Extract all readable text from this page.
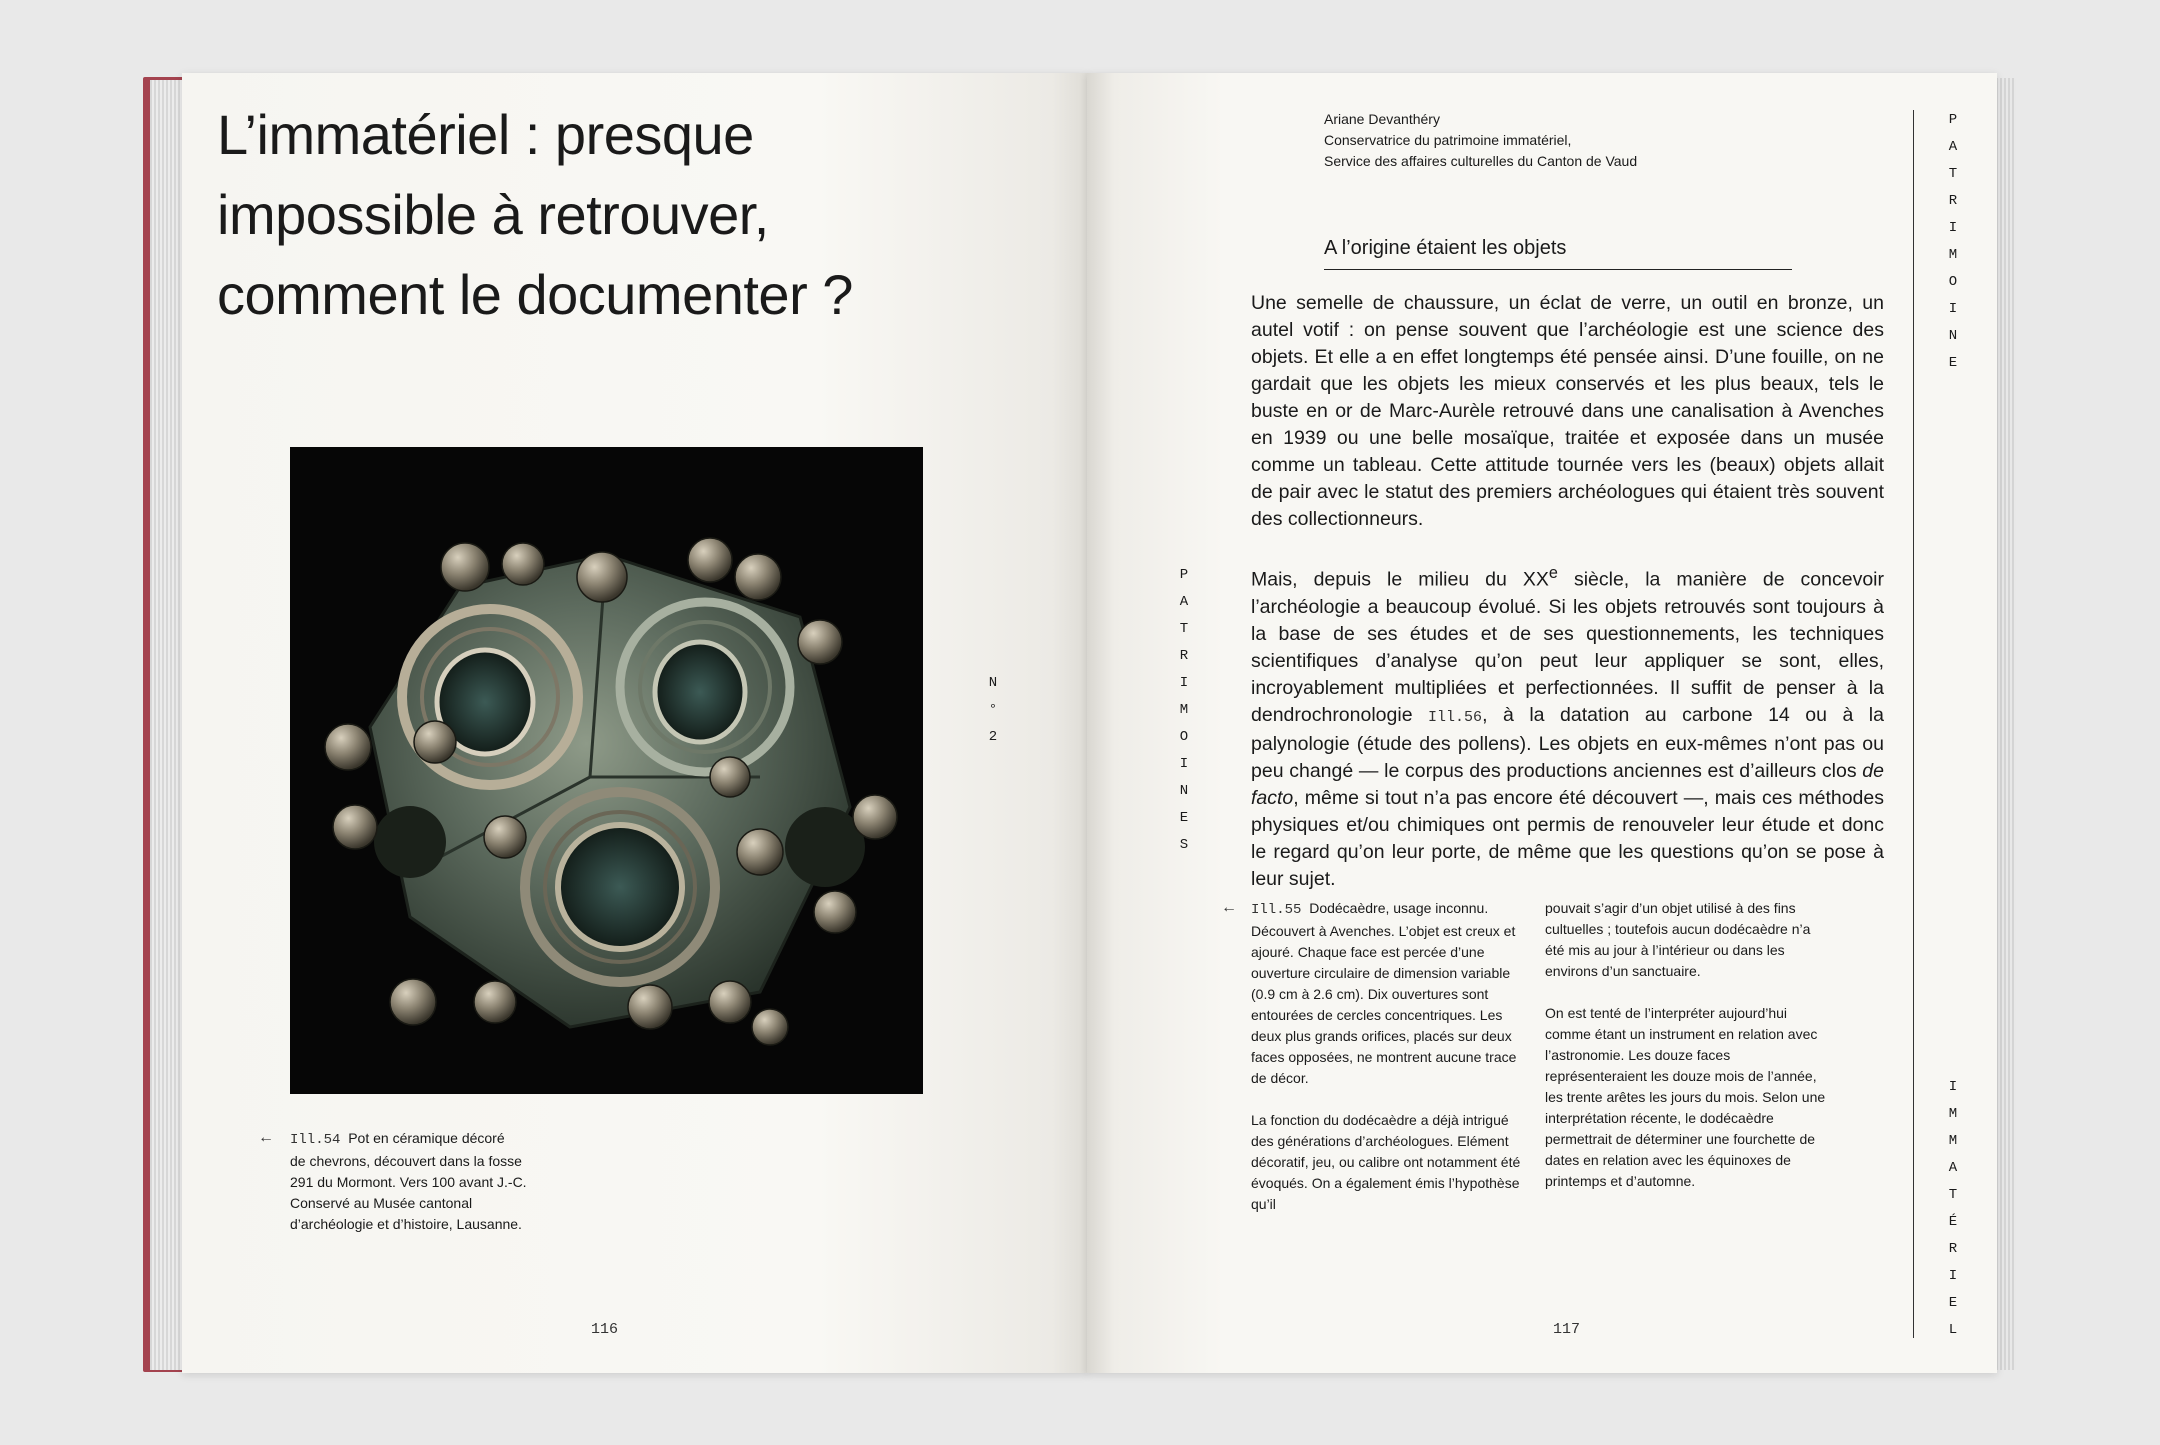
L’immatériel : presque
impossible à retrouver,
comment le documenter ?
← Ill.54 Pot en céramique décoré
de chevrons, découvert dans la fosse
291 du Mormont. Vers 100 avant J.-C.
Conservé au Musée cantonal
d’archéologie et d’histoire, Lausanne.
N
°
2
116
Ariane Devanthéry
Conservatrice du patrimoine immatériel,
Service des affaires culturelles du Canton de Vaud
A l’origine étaient les objets

Une semelle de chaussure, un éclat de verre, un outil en bronze, un autel votif : on pense souvent que l’archéologie est une science des objets. Et elle a en effet longtemps été pensée ainsi. D’une fouille, on ne gardait que les objets les mieux conservés et les plus beaux, tels le buste en or de Marc-Aurèle retrouvé dans une canalisation à Avenches en 1939 ou une belle mosaïque, traitée et exposée dans un musée comme un tableau. Cette attitude tournée vers les (beaux) objets allait de pair avec le statut des premiers archéologues qui étaient très souvent des collectionneurs.

Mais, depuis le milieu du XXe siècle, la manière de concevoir l’archéologie a beaucoup évolué. Si les objets retrouvés sont toujours à la base de ses études et de ses questionnements, les techniques scientifiques d’analyse qu’on peut leur appliquer se sont, elles, incroyablement multipliées et perfectionnées. Il suffit de penser à la dendrochronologie Ill.56, à la datation au carbone 14 ou à la palynologie (étude des pollens). Les objets en eux-mêmes n’ont pas ou peu changé — le corpus des productions anciennes est d’ailleurs clos de facto, même si tout n’a pas encore été découvert —, mais ces méthodes physiques et/ou chimiques ont permis de renouveler leur étude et donc le regard qu’on leur porte, de même que les questions qu’on se pose à leur sujet.

P
A
T
R
I
M
O
I
N
E
S
P
A
T
R
I
M
O
I
N
E
I
M
M
A
T
É
R
I
E
L
← Ill.55 Dodécaèdre, usage inconnu. Découvert à Avenches. L’objet est creux et ajouré. Chaque face est percée d’une ouverture circulaire de dimension variable (0.9 cm à 2.6 cm). Dix ouvertures sont entourées de cercles concentriques. Les deux plus grands orifices, placés sur deux faces opposées, ne montrent aucune trace de décor.

La fonction du dodécaèdre a déjà intrigué des générations d’archéologues. Elément décoratif, jeu, ou calibre ont notamment été évoqués. On a également émis l’hypothèse qu’il

pouvait s’agir d’un objet utilisé à des fins cultuelles ; toutefois aucun dodécaèdre n’a été mis au jour à l’intérieur ou dans les environs d’un sanctuaire.

On est tenté de l’interpréter aujourd’hui comme étant un instrument en relation avec l’astronomie. Les douze faces représenteraient les douze mois de l’année, les trente arêtes les jours du mois. Selon une interprétation récente, le dodécaèdre permettrait de déterminer une fourchette de dates en relation avec les équinoxes de printemps et d’automne.

117
